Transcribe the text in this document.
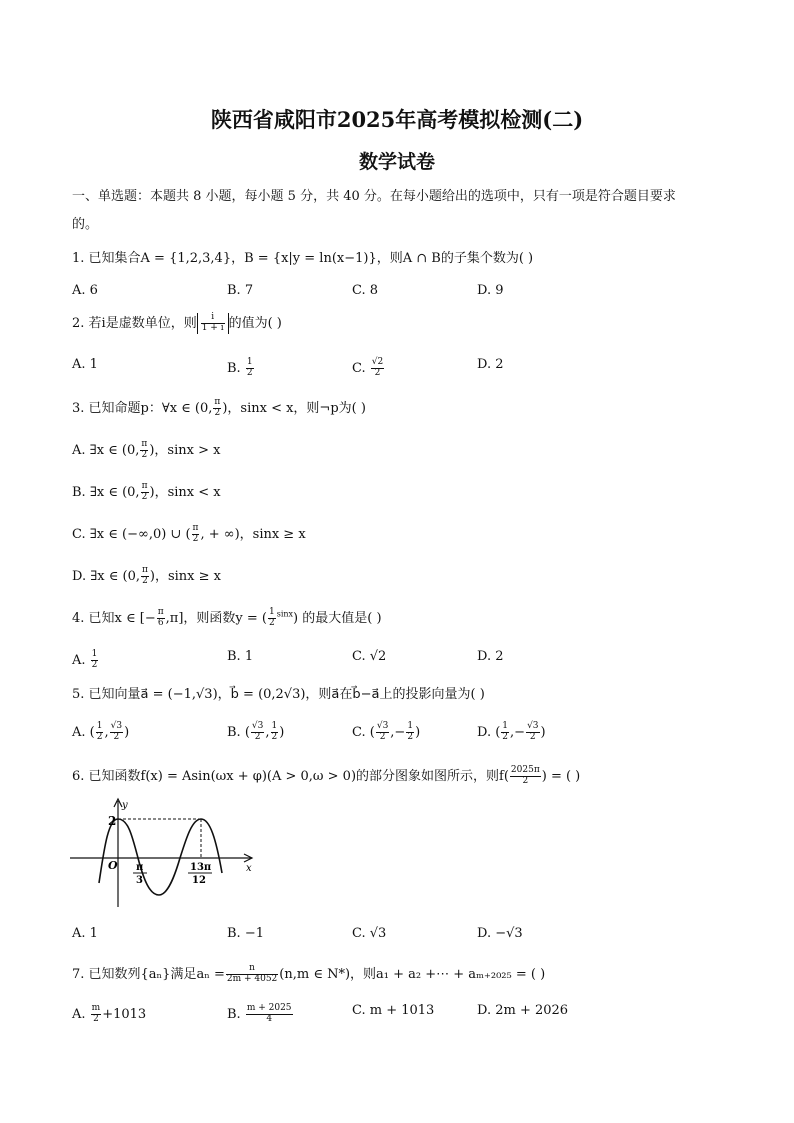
陕西省咸阳市2025年高考模拟检测(二)
数学试卷
一、单选题：本题共 8 小题，每小题 5 分，共 40 分。在每小题给出的选项中，只有一项是符合题目要求
的。
1. 已知集合A = {1,2,3,4}，B = {x|y = ln(x−1)}，则A ∩ B的子集个数为( )
A. 6	B. 7	C. 8	D. 9
2. 若i是虚数单位，则 $\frac{i}{1 + i}$ 的值为( )
A. 1	B. $\frac{1}{2}$	C. $\frac{√2}{2}$	D. 2
3. 已知命题p：∀x ∈ (0, $\frac{\pi}{2}$ )，sinx < x，则¬p为( )
A. ∃x ∈ (0, $\frac{\pi}{2}$ )，sinx > x
B. ∃x ∈ (0, $\frac{\pi}{2}$ )，sinx < x
C. ∃x ∈ (−∞,0) ∪ ( $\frac{\pi}{2}$ , + ∞)，sinx ≥ x
D. ∃x ∈ (0, $\frac{\pi}{2}$ )，sinx ≥ x
4. 已知x ∈ [− $\frac{\pi}{6} ,\pi$]，则函数y = ( $\frac{1}{2} ^{sinx}$) 的最大值是( )
A. $\frac{1}{2}$	B. 1	C. √2	D. 2
5. 已知向量a⃗ = (−1,√3)，b⃗ = (0,2√3)，则a⃗在b⃗−a⃗上的投影向量为( )
A. ( $\frac{1}{2}$ , $\frac{√3}{2}$ )	B. ( $\frac{√3}{2}$ , $\frac{1}{2}$ )	C. ( $\frac{√3}{2}$ ,− $\frac{1}{2}$ )	D. ( $\frac{1}{2}$ ,− $\frac{√3}{2}$ )
6. 已知函数f(x) = Asin(ωx + φ)(A > 0,ω > 0)的部分图象如图所示，则$f( \frac{2025\pi}{2}$ ) = ( )
y
x
2
O π
3
13π
12
A. 1	B. −1	C. √3	D. −√3
7. 已知数列{aₙ}满足$a_n = \frac{n}{2m + 4052} (n,m$ ∈ N*)，则a₁ + a₂ +⋯ + aₘ₊₂₀₂₅ = ( )
A. $\frac{m}{2} +1013$	B. $\frac{m + 2025}{4}$	C. m + 1013	D. 2m + 2026
